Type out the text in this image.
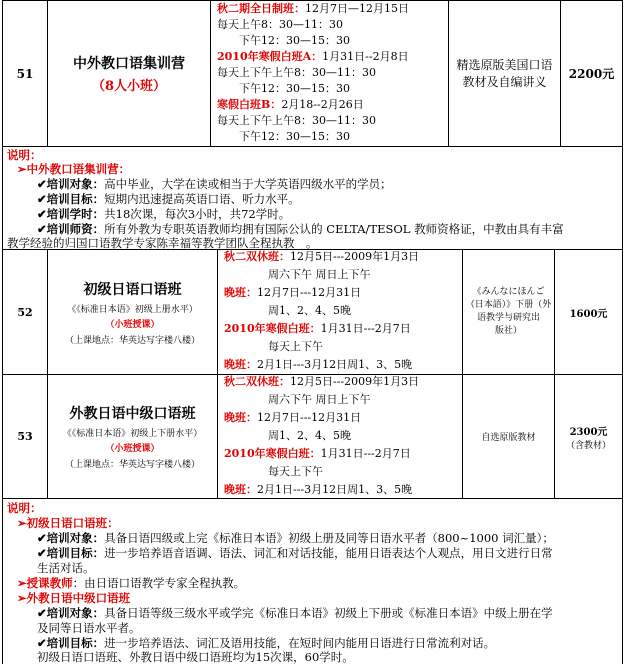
51
中外教口语集训营
（8人小班）
秋二期全日制班：12月7日—12月15日
每天上午8：30—11：30
　　下午12：30—15：30
2010年寒假白班A：1月31日--2月8日
每天上下午上午8：30—11：30
　　下午12：30—15：30
寒假白班B：2月18--2月26日
每天上下午上午8：30—11：30
　　下午12：30—15：30
精选原版美国口语
教材及自编讲义
2200元
说明：
➢中外教口语集训营：
✔培训对象：高中毕业，大学在读或相当于大学英语四级水平的学员；
✔培训目标：短期内迅速提高英语口语、听力水平。
✔培训学时：共18次课，每次3小时，共72学时。
✔培训师资：所有外教为专职英语教师均拥有国际公认的 CELTA/TESOL 教师资格证，中教由具有丰富
教学经验的归国口语教学专家陈幸福等教学团队全程执教　。
52
初级日语口语班
《《标准日本语》初级上册水平）
（小班授课）
（上课地点：华英达写字楼八楼）
秋二双休班：12月5日---2009年1月3日
　　　　周六下午 周日上下午
晚班：12月7日---12月31日
　　　　周1、2、4、5晚
2010年寒假白班：1月31日---2月7日
　　　　每天上下午
晚班：2月1日---3月12日周1、3、5晚
《みんなにほんご
（日本語）》下册（外
语教学与研究出
版社）
1600元
53
外教日语中级口语班
《《标准日本语》初级上下册水平）
（小班授课）
（上课地点：华英达写字楼八楼）
秋二双休班：12月5日---2009年1月3日
　　　　周六下午 周日上下午
晚班：12月7日---12月31日
　　　　周1、2、4、5晚
2010年寒假白班：1月31日---2月7日
　　　　每天上下午
晚班：2月1日---3月12日周1、3、5晚
自选原版教材
2300元
（含教材）
说明：
➢初级日语口语班：
✔培训对象：具备日语四级或上完《标准日本语》初级上册及同等日语水平者（800~1000 词汇量）；
✔培训目标：进一步培养语音语调、语法、词汇和对话技能，能用日语表达个人观点，用日文进行日常
生活对话。
➢授课教师：由日语口语教学专家全程执教。
➢外教日语中级口语班
✔培训对象：具备日语等级三级水平或学完《标准日本语》初级上下册或《标准日本语》中级上册在学
及同等日语水平者。
✔培训目标：进一步培养语法、词汇及语用技能，在短时间内能用日语进行日常流利对话。
初级日语口语班、外教日语中级口语班均为15次课，60学时。
